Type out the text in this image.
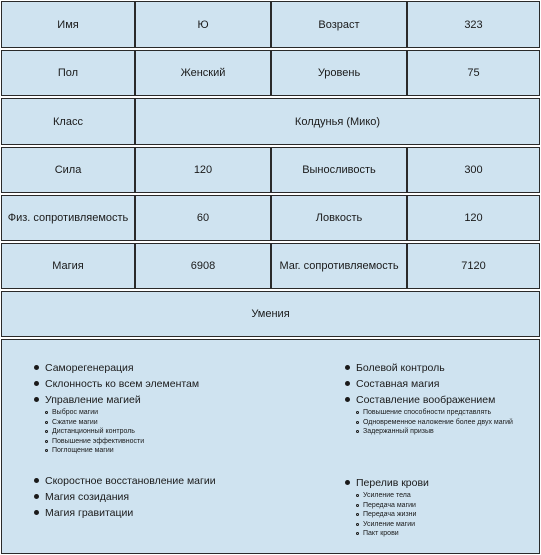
Имя	Ю	Возраст	323
Пол	Женский	Уровень	75
Класс	Колдунья (Мико)
Сила	120	Выносливость	300
Физ. сопротивляемость	60	Ловкость	120
Магия	6908	Маг. сопротивляемость	7120
Умения
Саморегенерация
Склонность ко всем элементам
Управление магией
Выброс магии
Сжатие магии
Дистанционный контроль
Повышение эффективности
Поглощение магии
Болевой контроль
Составная магия
Составление воображением
Повышение способности представлять
Одновременное наложение более двух магий
Задержанный призыв
Скоростное восстановление магии
Магия созидания
Магия гравитации
Перелив крови
Усиление тела
Передача магии
Передача жизни
Усиление магии
Пакт крови
